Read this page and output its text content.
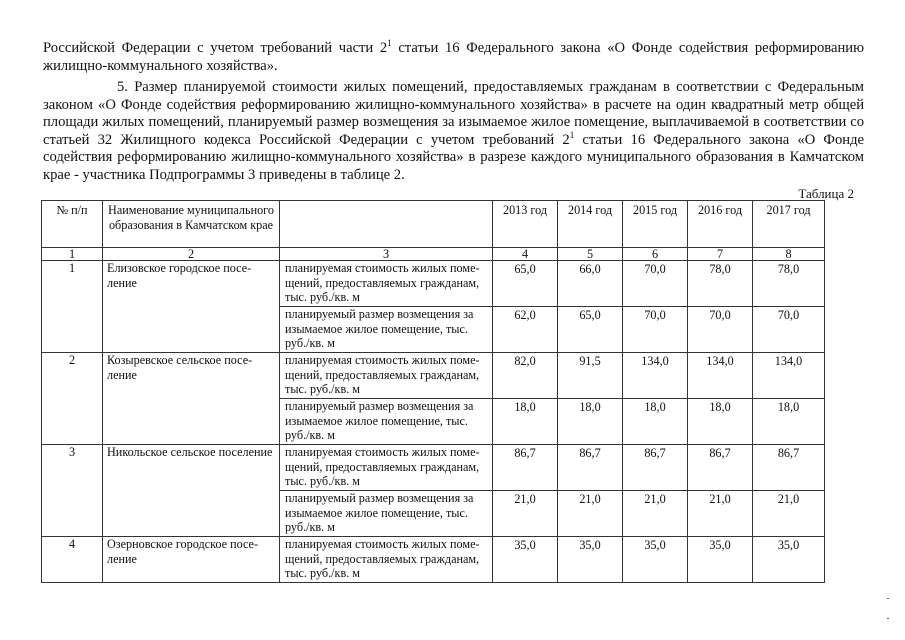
Российской Федерации с учетом требований части $2^1$ статьи 16 Федерального закона «О Фонде содействия реформированию жилищно-коммунального хозяйства».
5. Размер планируемой стоимости жилых помещений, предоставляемых гражданам в соответствии с Федеральным законом «О Фонде содействия реформированию жилищно-коммунального хозяйства» в расчете на один квадратный метр общей площади жилых помещений, планируемый размер возмещения за изымаемое жилое помещение, выплачиваемой в соответствии со статьей 32 Жилищного кодекса Российской Федерации с учетом требований $2^1$ статьи 16 Федерального закона «О Фонде содействия реформированию жилищно-коммунального хозяйства» в разрезе каждого муниципального образования в Камчатском крае - участника Подпрограммы 3 приведены в таблице 2.
Таблица 2
№ п/п	Наименование муниципального образования в Камчатском крае		2013 год	2014 год	2015 год	2016 год	2017 год
1	2	3	4	5	6	7	8
1	Елизовское городское поселение	планируемая стоимость жилых помещений, предоставляемых гражданам, тыс. руб./кв. м	65,0	66,0	70,0	78,0	78,0
		планируемый размер возмещения за изымаемое жилое помещение, тыс. руб./кв. м	62,0	65,0	70,0	70,0	70,0
2	Козыревское сельское поселение	планируемая стоимость жилых помещений, предоставляемых гражданам, тыс. руб./кв. м	82,0	91,5	134,0	134,0	134,0
		планируемый размер возмещения за изымаемое жилое помещение, тыс. руб./кв. м	18,0	18,0	18,0	18,0	18,0
3	Никольское сельское поселение	планируемая стоимость жилых помещений, предоставляемых гражданам, тыс. руб./кв. м	86,7	86,7	86,7	86,7	86,7
		планируемый размер возмещения за изымаемое жилое помещение, тыс. руб./кв. м	21,0	21,0	21,0	21,0	21,0
4	Озерновское городское поселение	планируемая стоимость жилых помещений, предоставляемых гражданам, тыс. руб./кв. м	35,0	35,0	35,0	35,0	35,0
